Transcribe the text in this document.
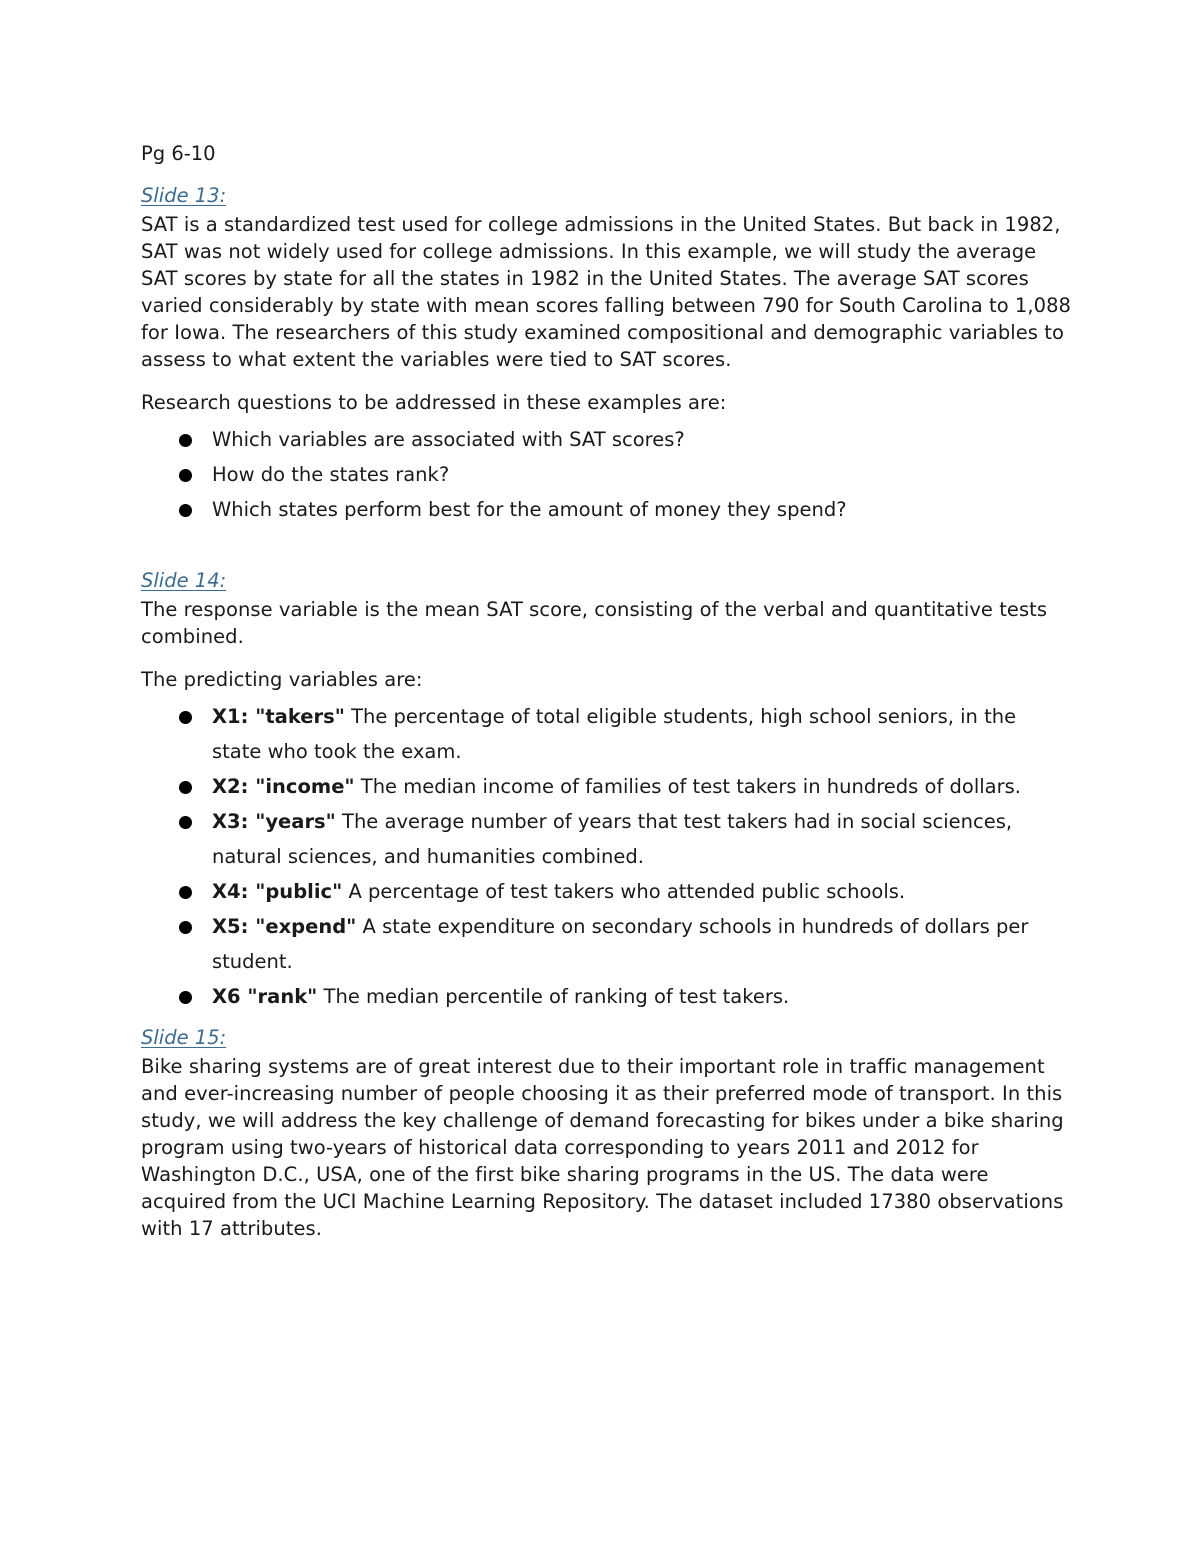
Pg 6-10
Slide 13:

SAT is a standardized test used for college admissions in the United States. But back in 1982, SAT was not widely used for college admissions. In this example, we will study the average SAT scores by state for all the states in 1982 in the United States. The average SAT scores varied considerably by state with mean scores falling between 790 for South Carolina to 1,088 for Iowa. The researchers of this study examined compositional and demographic variables to assess to what extent the variables were tied to SAT scores.

Research questions to be addressed in these examples are:

Which variables are associated with SAT scores?
How do the states rank?
Which states perform best for the amount of money they spend?
Slide 14:

The response variable is the mean SAT score, consisting of the verbal and quantitative tests combined.

The predicting variables are:

X1: "takers" The percentage of total eligible students, high school seniors, in the state who took the exam.
X2: "income" The median income of families of test takers in hundreds of dollars.
X3: "years" The average number of years that test takers had in social sciences, natural sciences, and humanities combined.
X4: "public" A percentage of test takers who attended public schools.
X5: "expend" A state expenditure on secondary schools in hundreds of dollars per student.
X6 "rank" The median percentile of ranking of test takers.
Slide 15:

Bike sharing systems are of great interest due to their important role in traffic management and ever-increasing number of people choosing it as their preferred mode of transport. In this study, we will address the key challenge of demand forecasting for bikes under a bike sharing program using two-years of historical data corresponding to years 2011 and 2012 for Washington D.C., USA, one of the first bike sharing programs in the US. The data were acquired from the UCI Machine Learning Repository. The dataset included 17380 observations with 17 attributes.
